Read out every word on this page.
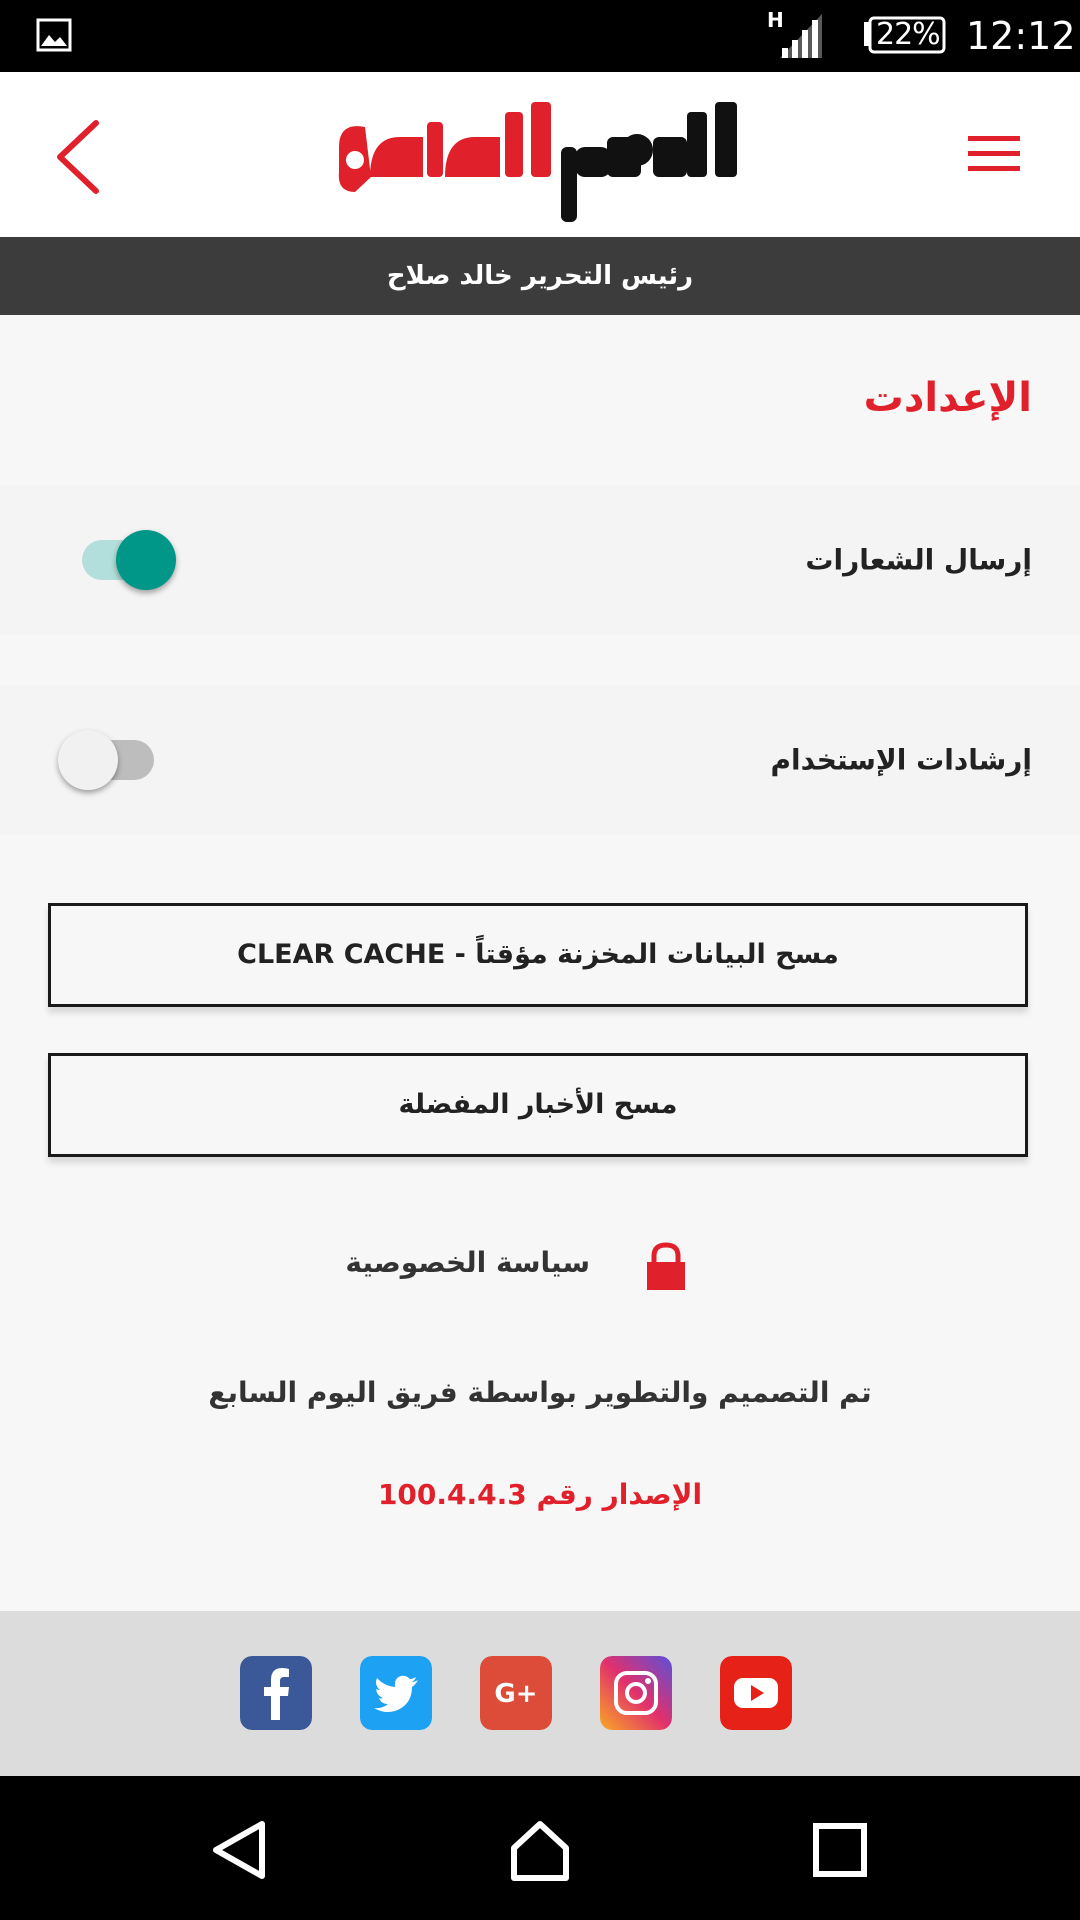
H	22% 12:12
رئيس التحرير خالد صلاح
الإعدادت
إرسال الشعارات
إرشادات الإستخدام
مسح البيانات المخزنة مؤقتاً - CLEAR CACHE
مسح الأخبار المفضلة
سياسة الخصوصية
تم التصميم والتطوير بواسطة فريق اليوم السابع
الإصدار رقم 100.4.4.3
G+
